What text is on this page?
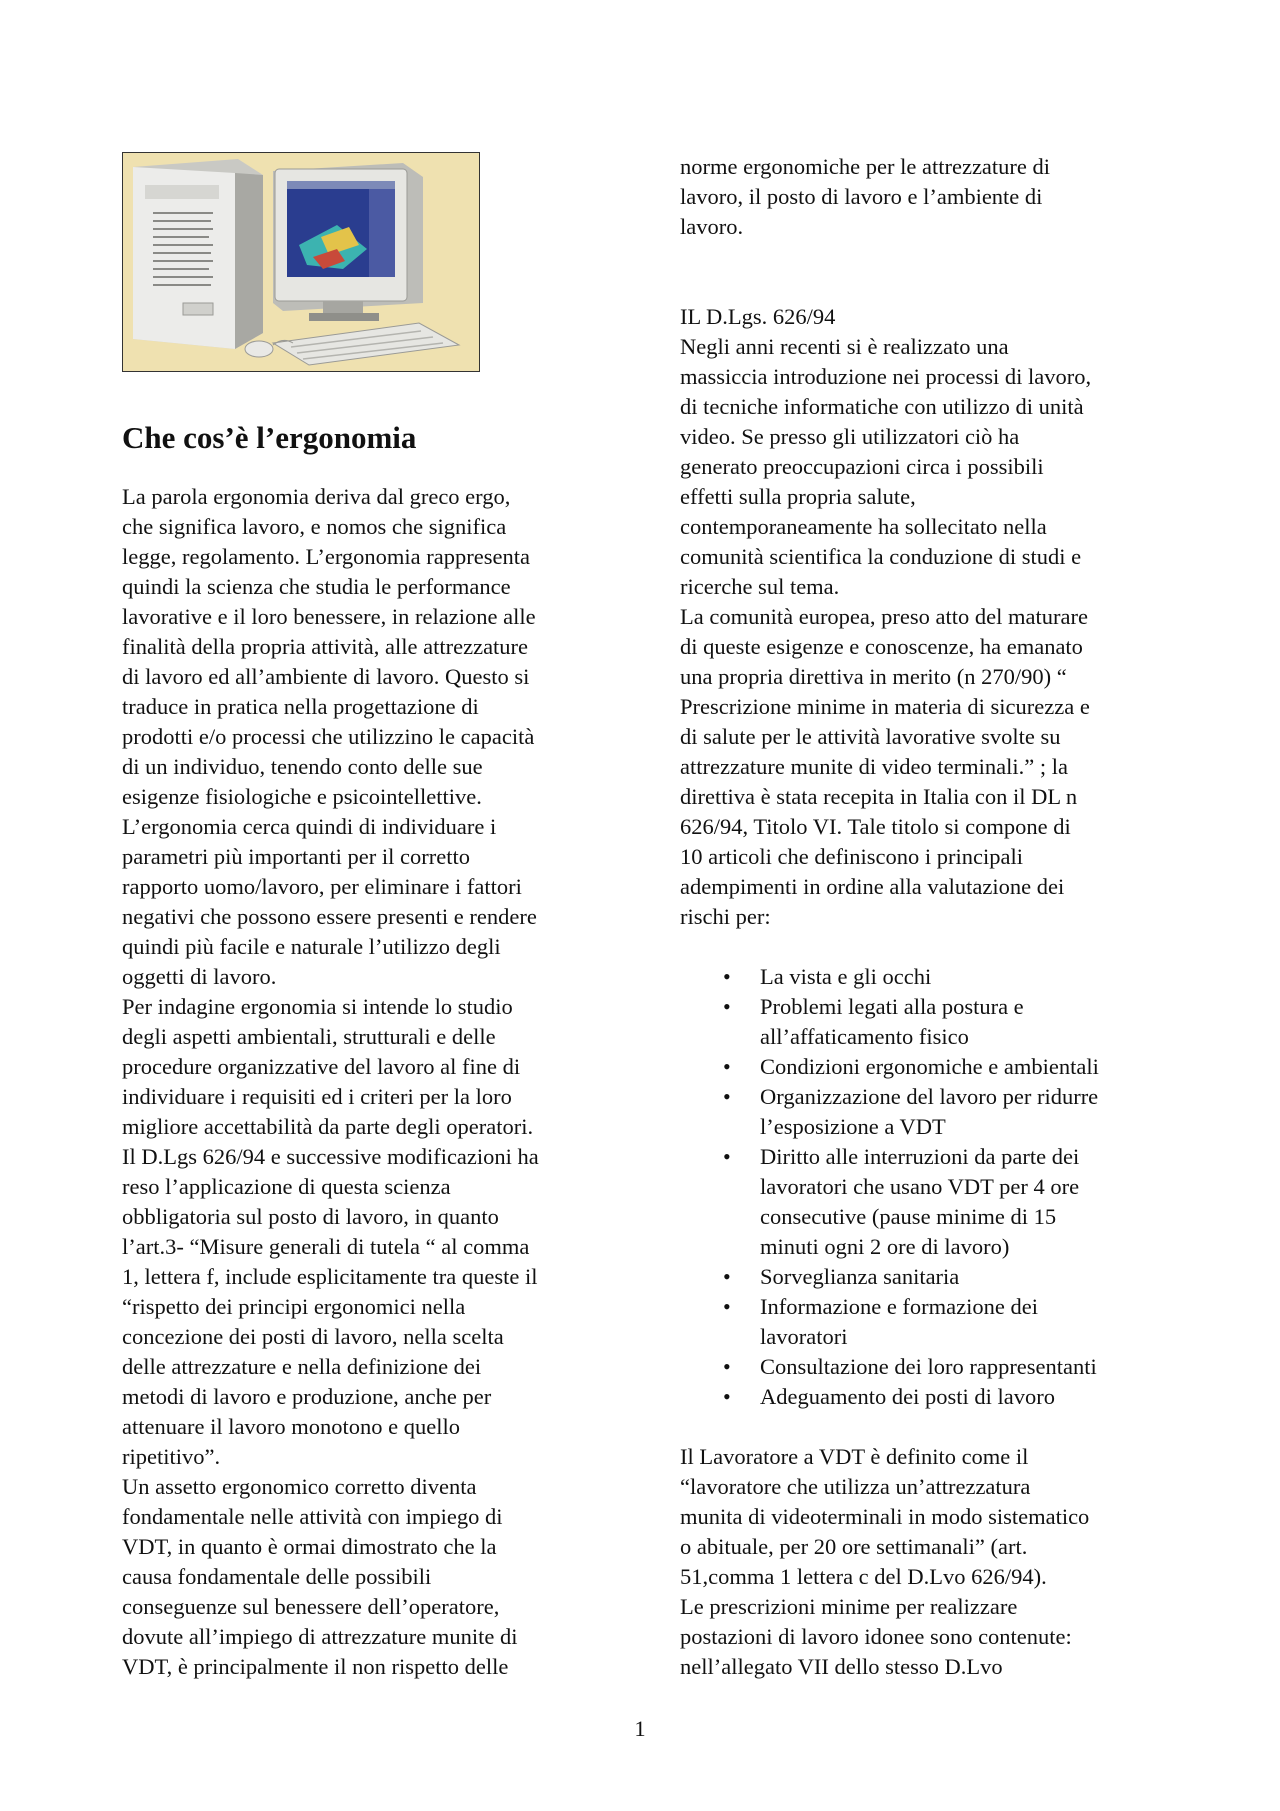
Che cos’è l’ergonomia

La parola ergonomia deriva dal greco ergo,

che significa lavoro, e nomos che significa

legge, regolamento. L’ergonomia rappresenta

quindi la scienza che studia le performance

lavorative e il loro benessere, in relazione alle

finalità della propria attività, alle attrezzature

di lavoro ed all’ambiente di lavoro. Questo si

traduce in pratica nella progettazione di

prodotti e/o processi che utilizzino le capacità

di un individuo, tenendo conto delle sue

esigenze fisiologiche e psicointellettive.

L’ergonomia cerca quindi di individuare i

parametri più importanti per il corretto

rapporto uomo/lavoro, per eliminare i fattori

negativi che possono essere presenti e rendere

quindi più facile e naturale l’utilizzo degli

oggetti di lavoro.

Per indagine ergonomia si intende lo studio

degli aspetti ambientali, strutturali e delle

procedure organizzative del lavoro al fine di

individuare i requisiti ed i criteri per la loro

migliore accettabilità da parte degli operatori.

Il D.Lgs 626/94 e successive modificazioni ha

reso l’applicazione di questa scienza

obbligatoria sul posto di lavoro, in quanto

l’art.3- “Misure generali di tutela “ al comma

1, lettera f, include esplicitamente tra queste il

“rispetto dei principi ergonomici nella

concezione dei posti di lavoro, nella scelta

delle attrezzature e nella definizione dei

metodi di lavoro e produzione, anche per

attenuare il lavoro monotono e quello

ripetitivo”.

Un assetto ergonomico corretto diventa

fondamentale nelle attività con impiego di

VDT, in quanto è ormai dimostrato che la

causa fondamentale delle possibili

conseguenze sul benessere dell’operatore,

dovute all’impiego di attrezzature munite di

VDT, è principalmente il non rispetto delle

norme ergonomiche per le attrezzature di

lavoro, il posto di lavoro e l’ambiente di

lavoro.

IL D.Lgs. 626/94

Negli anni recenti si è realizzato una

massiccia introduzione nei processi di lavoro,

di tecniche informatiche con utilizzo di unità

video. Se presso gli utilizzatori ciò ha

generato preoccupazioni circa i possibili

effetti sulla propria salute,

contemporaneamente ha sollecitato nella

comunità scientifica la conduzione di studi e

ricerche sul tema.

La comunità europea, preso atto del maturare

di queste esigenze e conoscenze, ha emanato

una propria direttiva in merito (n 270/90) “

Prescrizione minime in materia di sicurezza e

di salute per le attività lavorative svolte su

attrezzature munite di video terminali.” ; la

direttiva è stata recepita in Italia con il DL n

626/94, Titolo VI. Tale titolo si compone di

10 articoli che definiscono i principali

adempimenti in ordine alla valutazione dei

rischi per:

• La vista e gli occhi
• Problemi legati alla postura e
all’affaticamento fisico
• Condizioni ergonomiche e ambientali
• Organizzazione del lavoro per ridurre
l’esposizione a VDT
• Diritto alle interruzioni da parte dei
lavoratori che usano VDT per 4 ore
consecutive (pause minime di 15
minuti ogni 2 ore di lavoro)
• Sorveglianza sanitaria
• Informazione e formazione dei
lavoratori
• Consultazione dei loro rappresentanti
• Adeguamento dei posti di lavoro

Il Lavoratore a VDT è definito come il

“lavoratore che utilizza un’attrezzatura

munita di videoterminali in modo sistematico

o abituale, per 20 ore settimanali” (art.

51,comma 1 lettera c del D.Lvo 626/94).

Le prescrizioni minime per realizzare

postazioni di lavoro idonee sono contenute:

nell’allegato VII dello stesso D.Lvo

1
